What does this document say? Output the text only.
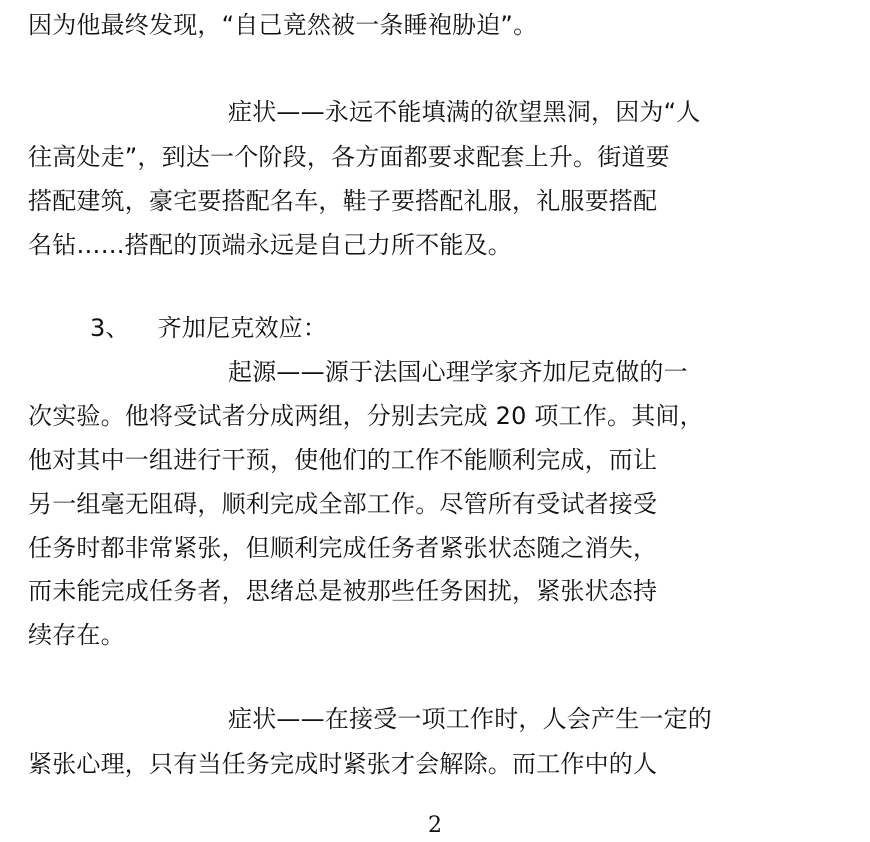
因为他最终发现，“自己竟然被一条睡袍胁迫”。
症状——永远不能填满的欲望黑洞，因为“人
往高处走”，到达一个阶段，各方面都要求配套上升。街道要
搭配建筑，豪宅要搭配名车，鞋子要搭配礼服，礼服要搭配
名钻……搭配的顶端永远是自己力所不能及。
3、 齐加尼克效应：
起源——源于法国心理学家齐加尼克做的一
次实验。他将受试者分成两组，分别去完成 20 项工作。其间，
他对其中一组进行干预，使他们的工作不能顺利完成，而让
另一组毫无阻碍，顺利完成全部工作。尽管所有受试者接受
任务时都非常紧张，但顺利完成任务者紧张状态随之消失，
而未能完成任务者，思绪总是被那些任务困扰，紧张状态持
续存在。
症状——在接受一项工作时，人会产生一定的
紧张心理，只有当任务完成时紧张才会解除。而工作中的人
2
